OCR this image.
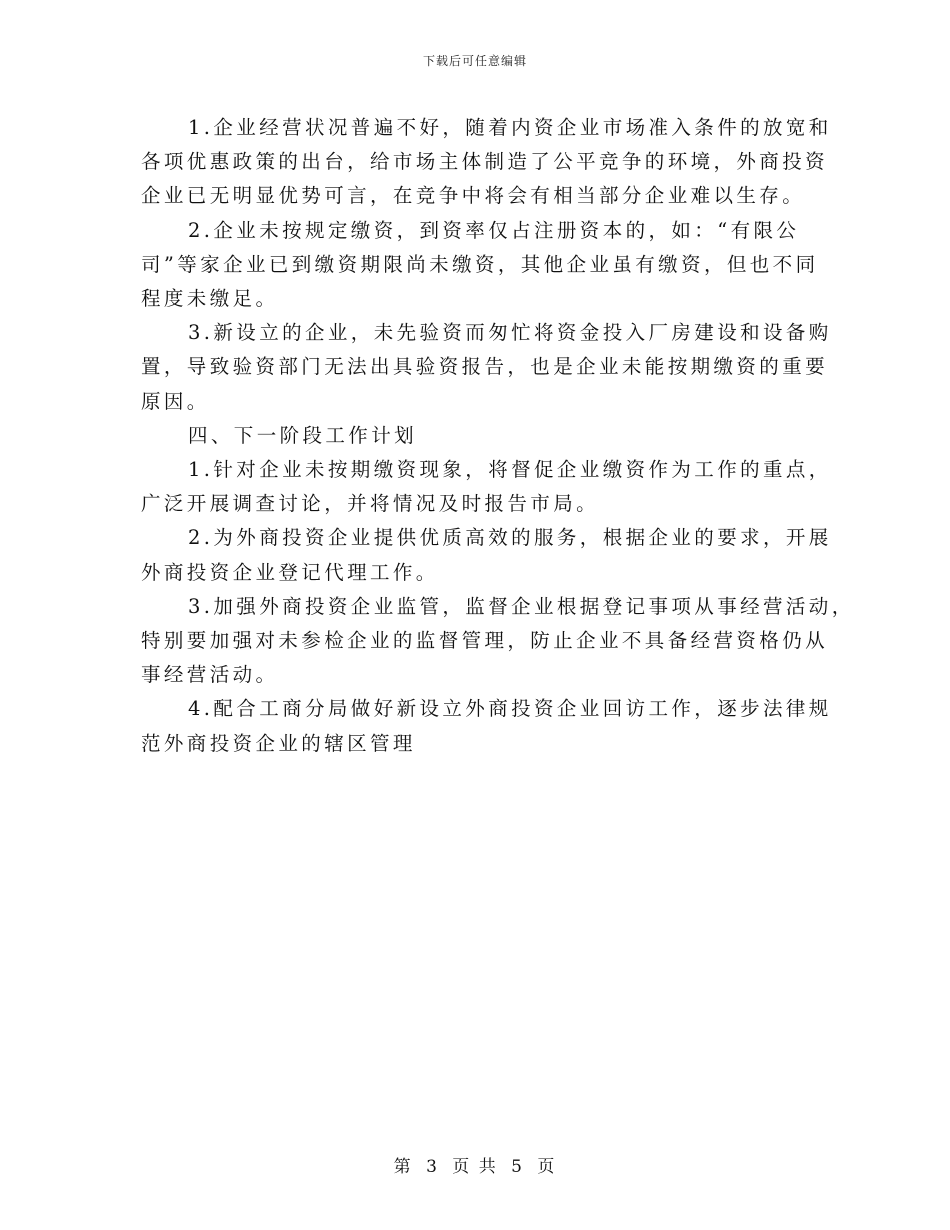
下载后可任意编辑

1.企业经营状况普遍不好，随着内资企业市场准入条件的放宽和
各项优惠政策的出台，给市场主体制造了公平竞争的环境，外商投资
企业已无明显优势可言，在竞争中将会有相当部分企业难以生存。

2.企业未按规定缴资，到资率仅占注册资本的，如：“有限公
司”等家企业已到缴资期限尚未缴资，其他企业虽有缴资，但也不同
程度未缴足。

3.新设立的企业，未先验资而匆忙将资金投入厂房建设和设备购
置，导致验资部门无法出具验资报告，也是企业未能按期缴资的重要
原因。

四、下一阶段工作计划

1.针对企业未按期缴资现象，将督促企业缴资作为工作的重点，
广泛开展调查讨论，并将情况及时报告市局。

2.为外商投资企业提供优质高效的服务，根据企业的要求，开展
外商投资企业登记代理工作。

3.加强外商投资企业监管，监督企业根据登记事项从事经营活动，
特别要加强对未参检企业的监督管理，防止企业不具备经营资格仍从
事经营活动。

4.配合工商分局做好新设立外商投资企业回访工作，逐步法律规
范外商投资企业的辖区管理

第 3 页 共 5 页
